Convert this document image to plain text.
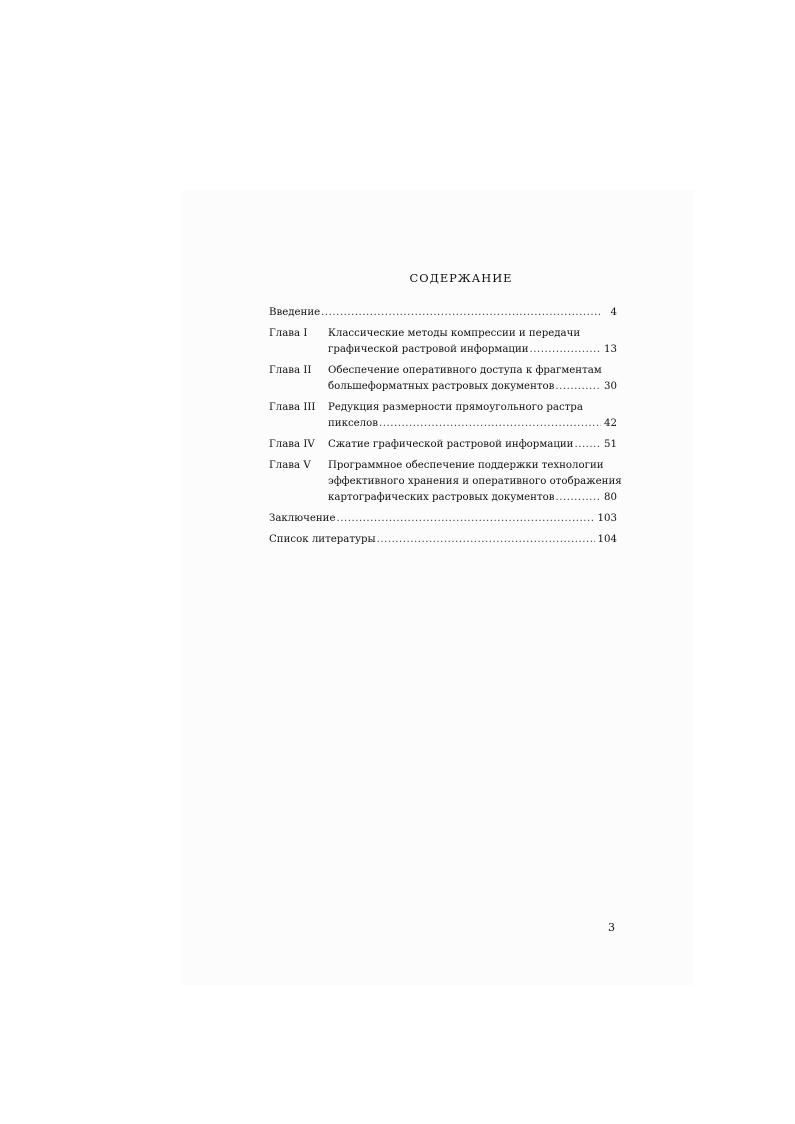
СОДЕРЖАНИЕ
Введение .....	4
Глава I	Классические методы компрессии и передачи
графической растровой информации .....	13
Глава II	Обеспечение оперативного доступа к фрагментам
большеформатных растровых документов .....	30
Глава III	Редукция размерности прямоугольного растра
пикселов .....	42
Глава IV	Сжатие графической растровой информации .....	51
Глава V	Программное обеспечение поддержки технологии
эффективного хранения и оперативного отображения
картографических растровых документов .....	80
Заключение .....	103
Список литературы .....	104
3
